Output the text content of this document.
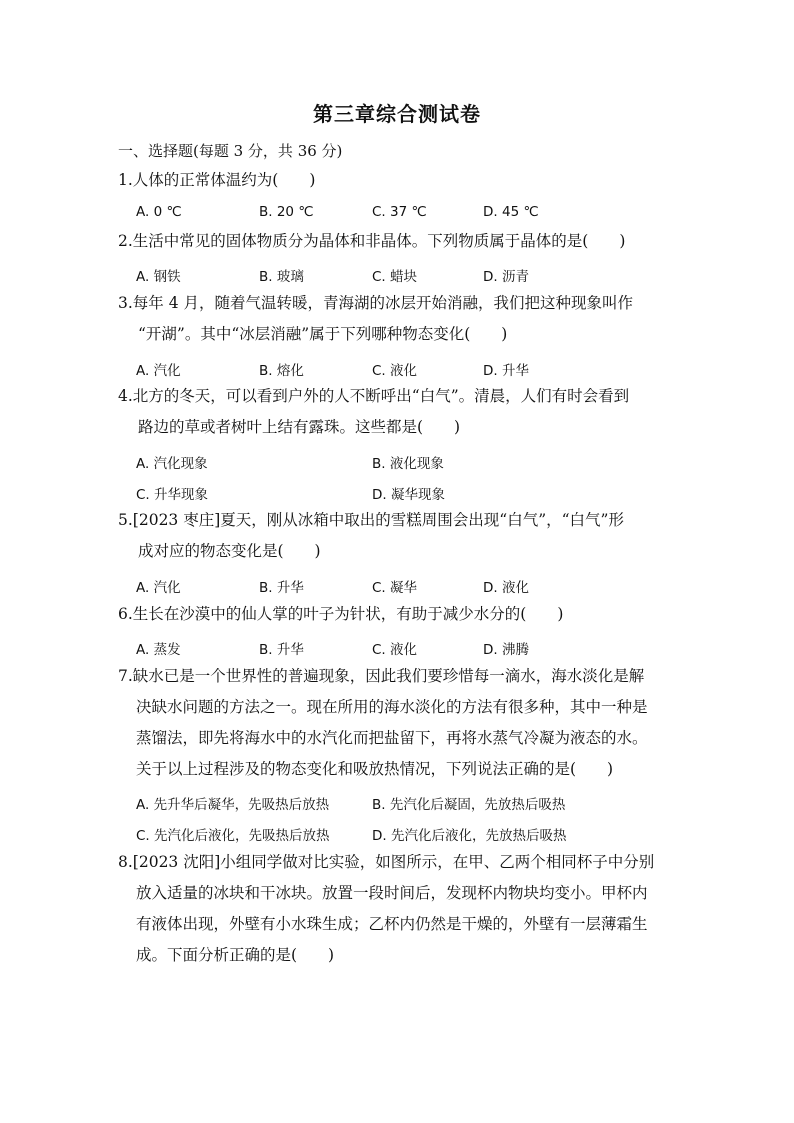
第三章综合测试卷
一、选择题(每题 3 分，共 36 分)
1.人体的正常体温约为(　　)
A. 0 ℃	B. 20 ℃	C. 37 ℃	D. 45 ℃
2.生活中常见的固体物质分为晶体和非晶体。下列物质属于晶体的是(　　)
A. 钢铁	B. 玻璃	C. 蜡块	D. 沥青
3.每年 4 月，随着气温转暖，青海湖的冰层开始消融，我们把这种现象叫作
“开湖”。其中“冰层消融”属于下列哪种物态变化(　　)
A. 汽化	B. 熔化	C. 液化	D. 升华
4.北方的冬天，可以看到户外的人不断呼出“白气”。清晨，人们有时会看到
路边的草或者树叶上结有露珠。这些都是(　　)
A. 汽化现象	B. 液化现象
C. 升华现象	D. 凝华现象
5.[2023 枣庄]夏天，刚从冰箱中取出的雪糕周围会出现“白气”，“白气”形
成对应的物态变化是(　　)
A. 汽化	B. 升华	C. 凝华	D. 液化
6.生长在沙漠中的仙人掌的叶子为针状，有助于减少水分的(　　)
A. 蒸发	B. 升华	C. 液化	D. 沸腾
7.缺水已是一个世界性的普遍现象，因此我们要珍惜每一滴水，海水淡化是解
决缺水问题的方法之一。现在所用的海水淡化的方法有很多种，其中一种是
蒸馏法，即先将海水中的水汽化而把盐留下，再将水蒸气冷凝为液态的水。
关于以上过程涉及的物态变化和吸放热情况，下列说法正确的是(　　)
A. 先升华后凝华，先吸热后放热	B. 先汽化后凝固，先放热后吸热
C. 先汽化后液化，先吸热后放热	D. 先汽化后液化，先放热后吸热
8.[2023 沈阳]小组同学做对比实验，如图所示，在甲、乙两个相同杯子中分别
放入适量的冰块和干冰块。放置一段时间后，发现杯内物块均变小。甲杯内
有液体出现，外壁有小水珠生成；乙杯内仍然是干燥的，外壁有一层薄霜生
成。下面分析正确的是(　　)
